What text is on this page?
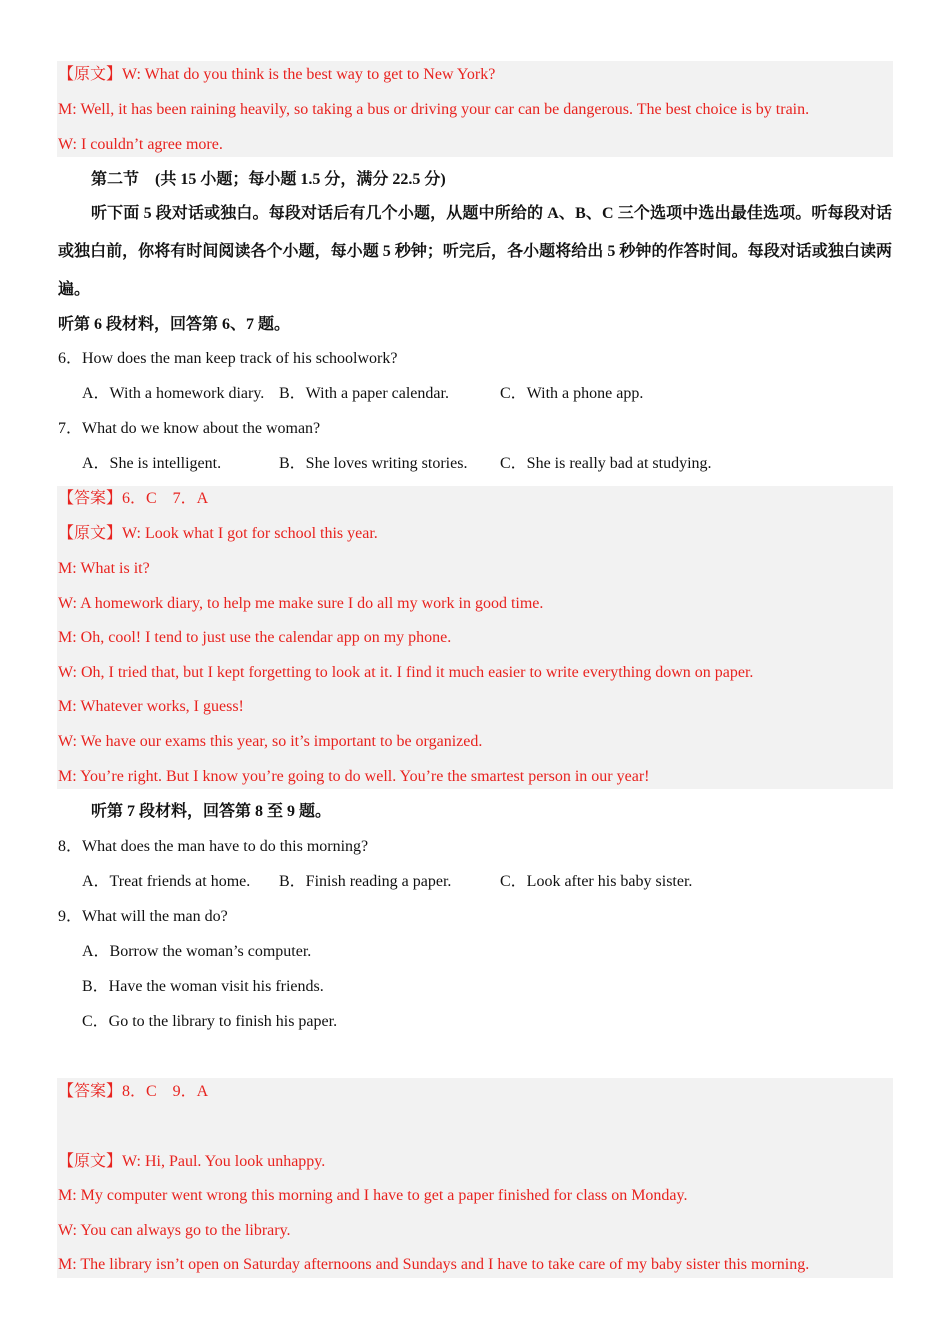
【原文】W: What do you think is the best way to get to New York?
M: Well, it has been raining heavily, so taking a bus or driving your car can be dangerous. The best choice is by train.
W: I couldn’t agree more.
第二节　(共 15 小题；每小题 1.5 分，满分 22.5 分)
听下面 5 段对话或独白。每段对话后有几个小题，从题中所给的 A、B、C 三个选项中选出最佳选项。听每段对话或独白前，你将有时间阅读各个小题，每小题 5 秒钟；听完后，各小题将给出 5 秒钟的作答时间。每段对话或独白读两遍。
听第 6 段材料，回答第 6、7 题。
6．How does the man keep track of his schoolwork?
A．With a homework diary. B．With a paper calendar.	C．With a phone app.
7．What do we know about the woman?
A．She is intelligent.	B．She loves writing stories. C．She is really bad at studying.
【答案】6．C　7．A
【原文】W: Look what I got for school this year.
M: What is it?
W: A homework diary, to help me make sure I do all my work in good time.
M: Oh, cool! I tend to just use the calendar app on my phone.
W: Oh, I tried that, but I kept forgetting to look at it. I find it much easier to write everything down on paper.
M: Whatever works, I guess!
W: We have our exams this year, so it’s important to be organized.
M: You’re right. But I know you’re going to do well. You’re the smartest person in our year!
听第 7 段材料，回答第 8 至 9 题。
8．What does the man have to do this morning?
A．Treat friends at home. B．Finish reading a paper.	C．Look after his baby sister.
9．What will the man do?
A．Borrow the woman’s computer.
B．Have the woman visit his friends.
C．Go to the library to finish his paper.
【答案】8．C　9．A
【原文】W: Hi, Paul. You look unhappy.
M: My computer went wrong this morning and I have to get a paper finished for class on Monday.
W: You can always go to the library.
M: The library isn’t open on Saturday afternoons and Sundays and I have to take care of my baby sister this morning.
